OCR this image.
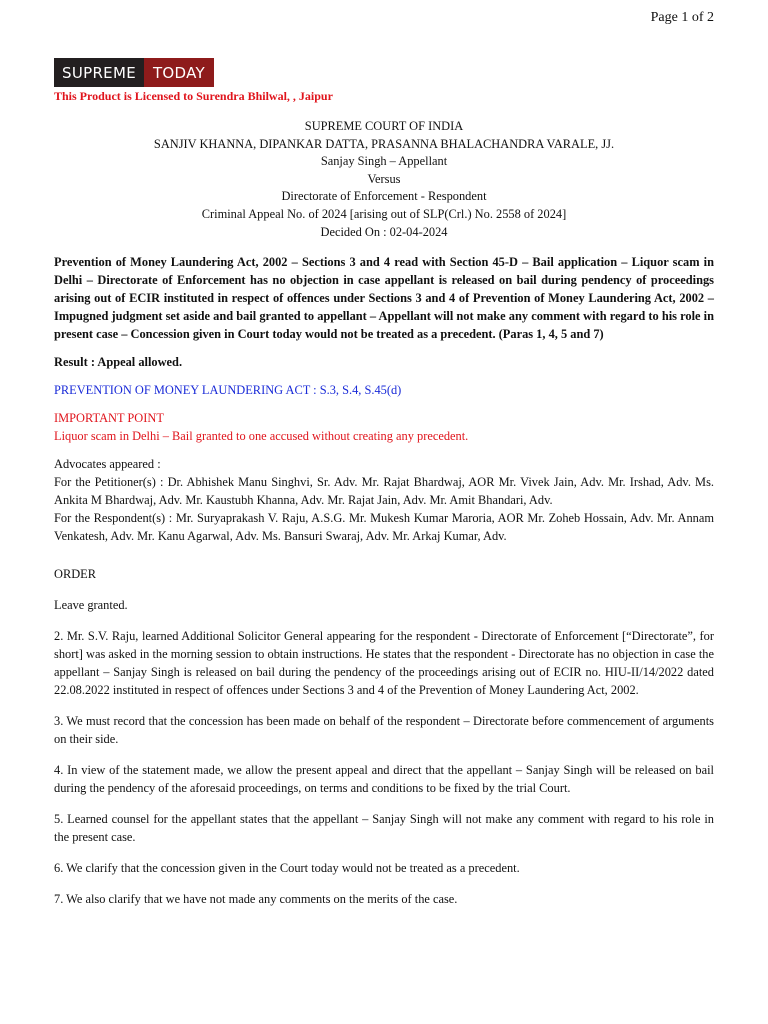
Page 1 of 2
SUPREME	TODAY
This Product is Licensed to Surendra Bhilwal, , Jaipur
SUPREME COURT OF INDIA
SANJIV KHANNA, DIPANKAR DATTA, PRASANNA BHALACHANDRA VARALE, JJ.
Sanjay Singh – Appellant
Versus
Directorate of Enforcement - Respondent
Criminal Appeal No. of 2024 [arising out of SLP(Crl.) No. 2558 of 2024]
Decided On : 02-04-2024

Prevention of Money Laundering Act, 2002 – Sections 3 and 4 read with Section 45-D – Bail application – Liquor scam in Delhi – Directorate of Enforcement has no objection in case appellant is released on bail during pendency of proceedings arising out of ECIR instituted in respect of offences under Sections 3 and 4 of Prevention of Money Laundering Act, 2002 – Impugned judgment set aside and bail granted to appellant – Appellant will not make any comment with regard to his role in present case – Concession given in Court today would not be treated as a precedent. (Paras 1, 4, 5 and 7)

Result : Appeal allowed.

PREVENTION OF MONEY LAUNDERING ACT : S.3, S.4, S.45(d)

IMPORTANT POINT
Liquor scam in Delhi – Bail granted to one accused without creating any precedent.
Advocates appeared :

For the Petitioner(s) : Dr. Abhishek Manu Singhvi, Sr. Adv. Mr. Rajat Bhardwaj, AOR Mr. Vivek Jain, Adv. Mr. Irshad, Adv. Ms. Ankita M Bhardwaj, Adv. Mr. Kaustubh Khanna, Adv. Mr. Rajat Jain, Adv. Mr. Amit Bhandari, Adv.

For the Respondent(s) : Mr. Suryaprakash V. Raju, A.S.G. Mr. Mukesh Kumar Maroria, AOR Mr. Zoheb Hossain, Adv. Mr. Annam Venkatesh, Adv. Mr. Kanu Agarwal, Adv. Ms. Bansuri Swaraj, Adv. Mr. Arkaj Kumar, Adv.

ORDER

Leave granted.

2. Mr. S.V. Raju, learned Additional Solicitor General appearing for the respondent - Directorate of Enforcement [“Directorate”, for short] was asked in the morning session to obtain instructions. He states that the respondent - Directorate has no objection in case the appellant – Sanjay Singh is released on bail during the pendency of the proceedings arising out of ECIR no. HIU-II/14/2022 dated 22.08.2022 instituted in respect of offences under Sections 3 and 4 of the Prevention of Money Laundering Act, 2002.

3. We must record that the concession has been made on behalf of the respondent – Directorate before commencement of arguments on their side.

4. In view of the statement made, we allow the present appeal and direct that the appellant – Sanjay Singh will be released on bail during the pendency of the aforesaid proceedings, on terms and conditions to be fixed by the trial Court.

5. Learned counsel for the appellant states that the appellant – Sanjay Singh will not make any comment with regard to his role in the present case.

6. We clarify that the concession given in the Court today would not be treated as a precedent.

7. We also clarify that we have not made any comments on the merits of the case.
